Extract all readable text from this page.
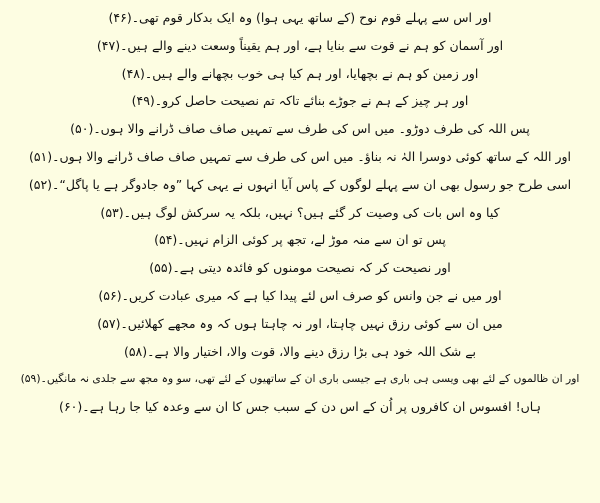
اور اس سے پہلے قوم نوح (کے ساتھ یہی ہوا) وہ ایک بدکار قوم تھی۔(۴۶)
اور آسمان کو ہم نے قوت سے بنایا ہے، اور ہم یقیناً وسعت دینے والے ہیں۔(۴۷)
اور زمین کو ہم نے بچھایا، اور ہم کیا ہی خوب بچھانے والے ہیں۔(۴۸)
اور ہر چیز کے ہم نے جوڑے بنائے تاکہ تم نصیحت حاصل کرو۔(۴۹)
پس اللہ کی طرف دوڑو۔ میں اس کی طرف سے تمہیں صاف صاف ڈرانے والا ہوں۔(۵۰)
اور اللہ کے ساتھ کوئی دوسرا الہٰ نہ بناؤ۔ میں اس کی طرف سے تمہیں صاف صاف ڈرانے والا ہوں۔(۵۱)
اسی طرح جو رسول بھی ان سے پہلے لوگوں کے پاس آیا انہوں نے یہی کہا ”وہ جادوگر ہے یا پاگل“۔(۵۲)
کیا وہ اس بات کی وصیت کر گئے ہیں؟ نہیں، بلکہ یہ سرکش لوگ ہیں۔(۵۳)
پس تو ان سے منہ موڑ لے، تجھ پر کوئی الزام نہیں۔(۵۴)
اور نصیحت کر کہ نصیحت مومنوں کو فائدہ دیتی ہے۔(۵۵)
اور میں نے جن وانس کو صرف اس لئے پیدا کیا ہے کہ میری عبادت کریں۔(۵۶)
میں ان سے کوئی رزق نہیں چاہتا، اور نہ چاہتا ہوں کہ وہ مجھے کھلائیں۔(۵۷)
بے شک اللہ خود ہی بڑا رزق دینے والا، قوت والا، اختیار والا ہے۔(۵۸)
اور ان ظالموں کے لئے بھی ویسی ہی باری ہے جیسی باری ان کے ساتھیوں کے لئے تھی، سو وہ مجھ سے جلدی نہ مانگیں۔(۵۹)
ہاں! افسوس ان کافروں پر اُن کے اس دن کے سبب جس کا ان سے وعدہ کیا جا رہا ہے۔(۶۰)
